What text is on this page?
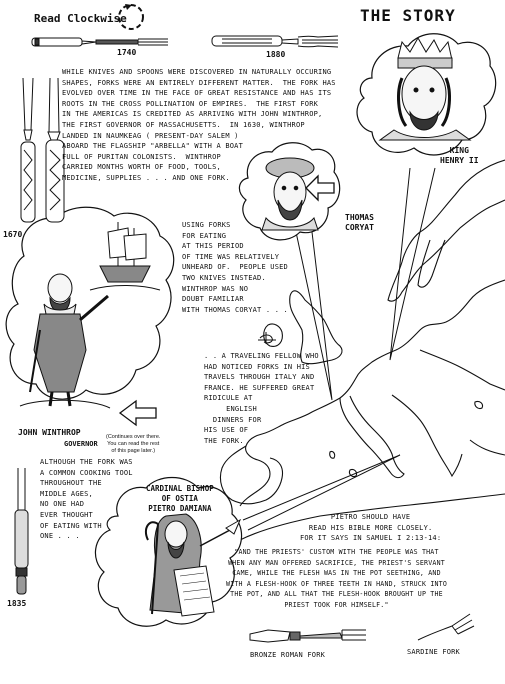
Read Clockwise	THE STORY
1740	1880
1670
1835
WHILE KNIVES AND SPOONS WERE DISCOVERED IN NATURALLY OCCURING
SHAPES, FORKS WERE AN ENTIRELY DIFFERENT MATTER.  THE FORK HAS
EVOLVED OVER TIME IN THE FACE OF GREAT RESISTANCE AND HAS ITS
ROOTS IN THE CROSS POLLINATION OF EMPIRES.  THE FIRST FORK
IN THE AMERICAS IS CREDITED AS ARRIVING WITH JOHN WINTHROP,
THE FIRST GOVERNOR OF MASSACHUSETTS.  IN 1630, WINTHROP
LANDED IN NAUMKEAG ( PRESENT-DAY SALEM )
ABOARD THE FLAGSHIP "ARBELLA" WITH A BOAT
FULL OF PURITAN COLONISTS.  WINTHROP
CARRIED MONTHS WORTH OF FOOD, TOOLS,
MEDICINE, SUPPLIES . . . AND ONE FORK.
USING FORKS
FOR EATING
AT THIS PERIOD
OF TIME WAS RELATIVELY
UNHEARD OF.  PEOPLE USED
TWO KNIVES INSTEAD.
WINTHROP WAS NO
DOUBT FAMILIAR
WITH THOMAS CORYAT . . .
. . A TRAVELING FELLOW WHO
HAD NOTICED FORKS IN HIS
TRAVELS THROUGH ITALY AND
FRANCE. HE SUFFERED GREAT
RIDICULE AT
ENGLISH
DINNERS FOR
HIS USE OF
THE FORK.
ALTHOUGH THE FORK WAS
A COMMON COOKING TOOL
THROUGHOUT THE
MIDDLE AGES,
NO ONE HAD
EVER THOUGHT
OF EATING WITH
ONE . . .
PIETRO SHOULD HAVE
READ HIS BIBLE MORE CLOSELY.
FOR IT SAYS IN SAMUEL I 2:13-14:
"AND THE PRIESTS' CUSTOM WITH THE PEOPLE WAS THAT
WHEN ANY MAN OFFERED SACRIFICE, THE PRIEST'S SERVANT
CAME, WHILE THE FLESH WAS IN THE POT SEETHING, AND
WITH A FLESH-HOOK OF THREE TEETH IN HAND, STRUCK INTO
THE POT, AND ALL THAT THE FLESH-HOOK BROUGHT UP THE
PRIEST TOOK FOR HIMSELF."
KING
HENRY II
THOMAS
CORYAT
JOHN WINTHROP
GOVERNOR
CARDINAL BISHOP
OF OSTIA
PIETRO DAMIANA
(Continues over there.
You can read the rest
of this page later.)
BRONZE ROMAN FORK	SARDINE FORK
